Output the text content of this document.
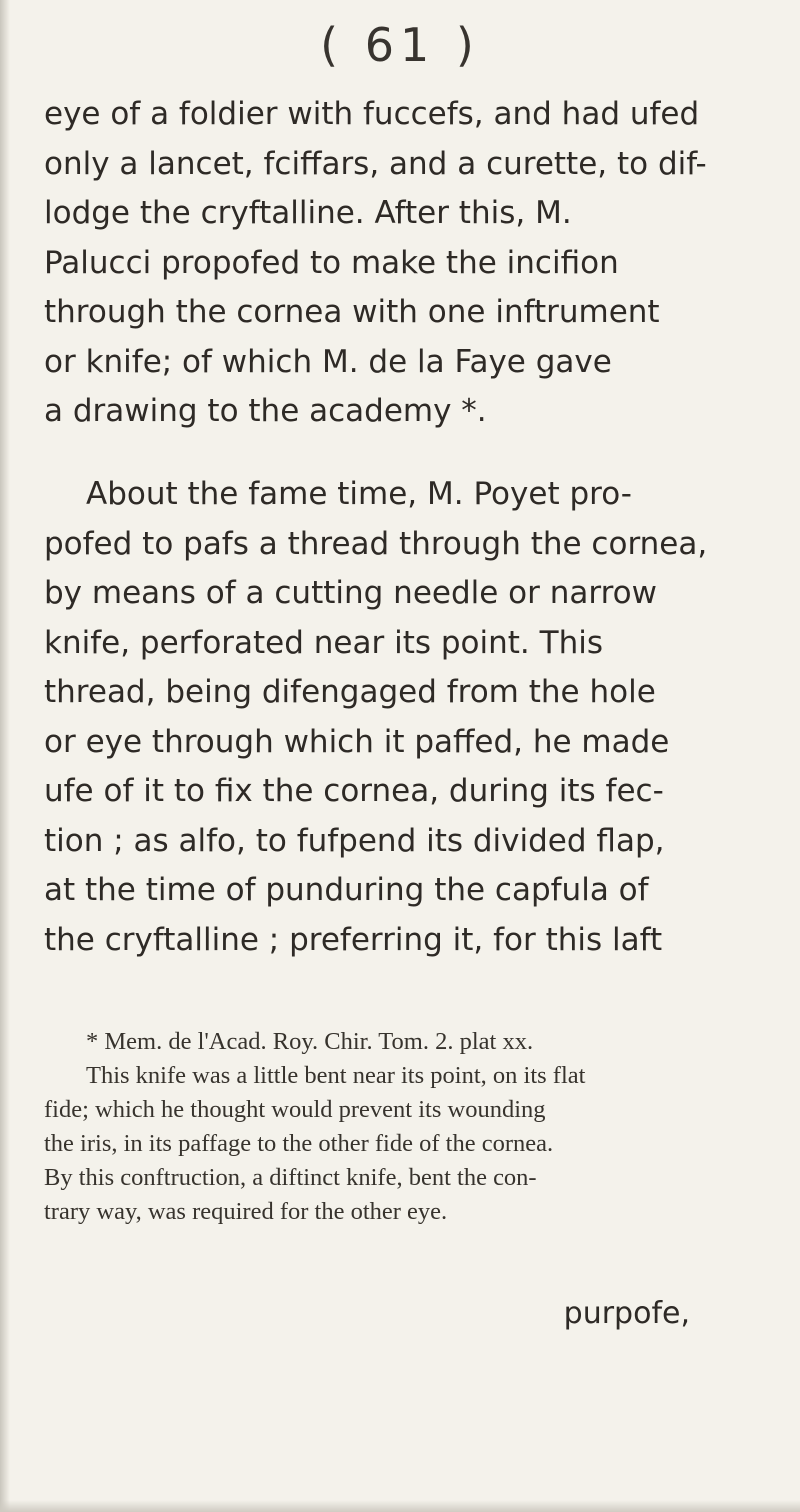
( 61 )
eye of a foldier with fuccefs, and had ufed
only a lancet, fciffars, and a curette, to dif-
lodge the cryftalline. After this, M.
Palucci propofed to make the incifion
through the cornea with one inftrument
or knife; of which M. de la Faye gave
a drawing to the academy *.
About the fame time, M. Poyet pro-
pofed to pafs a thread through the cornea,
by means of a cutting needle or narrow
knife, perforated near its point. This
thread, being difengaged from the hole
or eye through which it paffed, he made
ufe of it to fix the cornea, during its fec-
tion ; as alfo, to fufpend its divided flap,
at the time of punduring the capfula of
the cryftalline ; preferring it, for this laft
* Mem. de l'Acad. Roy. Chir. Tom. 2. plat xx.
This knife was a little bent near its point, on its flat
fide; which he thought would prevent its wounding
the iris, in its paffage to the other fide of the cornea.
By this conftruction, a diftinct knife, bent the con-
trary way, was required for the other eye.
purpofe,
